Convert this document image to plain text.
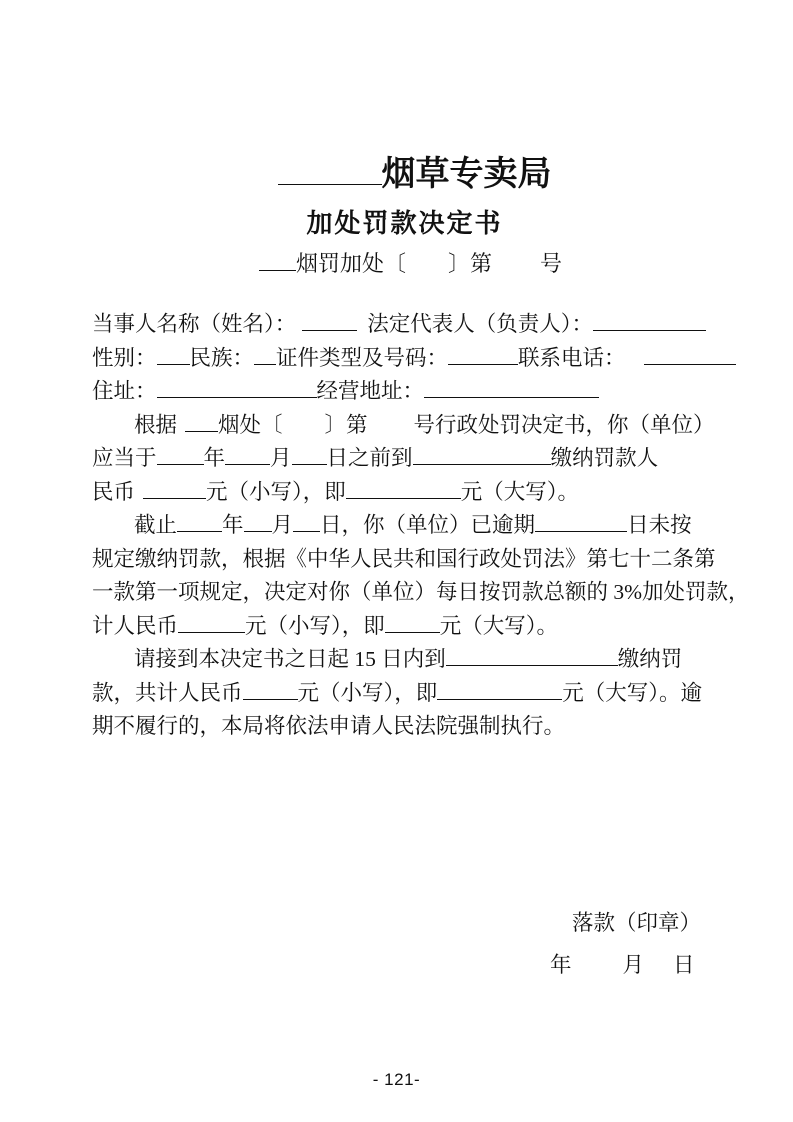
烟草专卖局
加处罚款决定书
烟罚加处〔 〕第 号
当事人名称（姓名）：	法定代表人（负责人）：
性别： 民族： 证件类型及号码：	联系电话：
住址：	经营地址：
根据 烟处〔 〕第 号行政处罚决定书，你（单位）
应当于 年 月 日之前到	缴纳罚款人
民币	元（小写），即	元（大写）。
截止 年 月 日，你（单位）已逾期	日未按
规定缴纳罚款，根据《中华人民共和国行政处罚法》第七十二条第
一款第一项规定，决定对你（单位）每日按罚款总额的 3%加处罚款，
计人民币	元（小写），即	元（大写）。
请接到本决定书之日起 15 日内到	缴纳罚
款，共计人民币	元（小写），即	元（大写）。逾
期不履行的，本局将依法申请人民法院强制执行。
落款（印章）
年 月 日
- 121-
